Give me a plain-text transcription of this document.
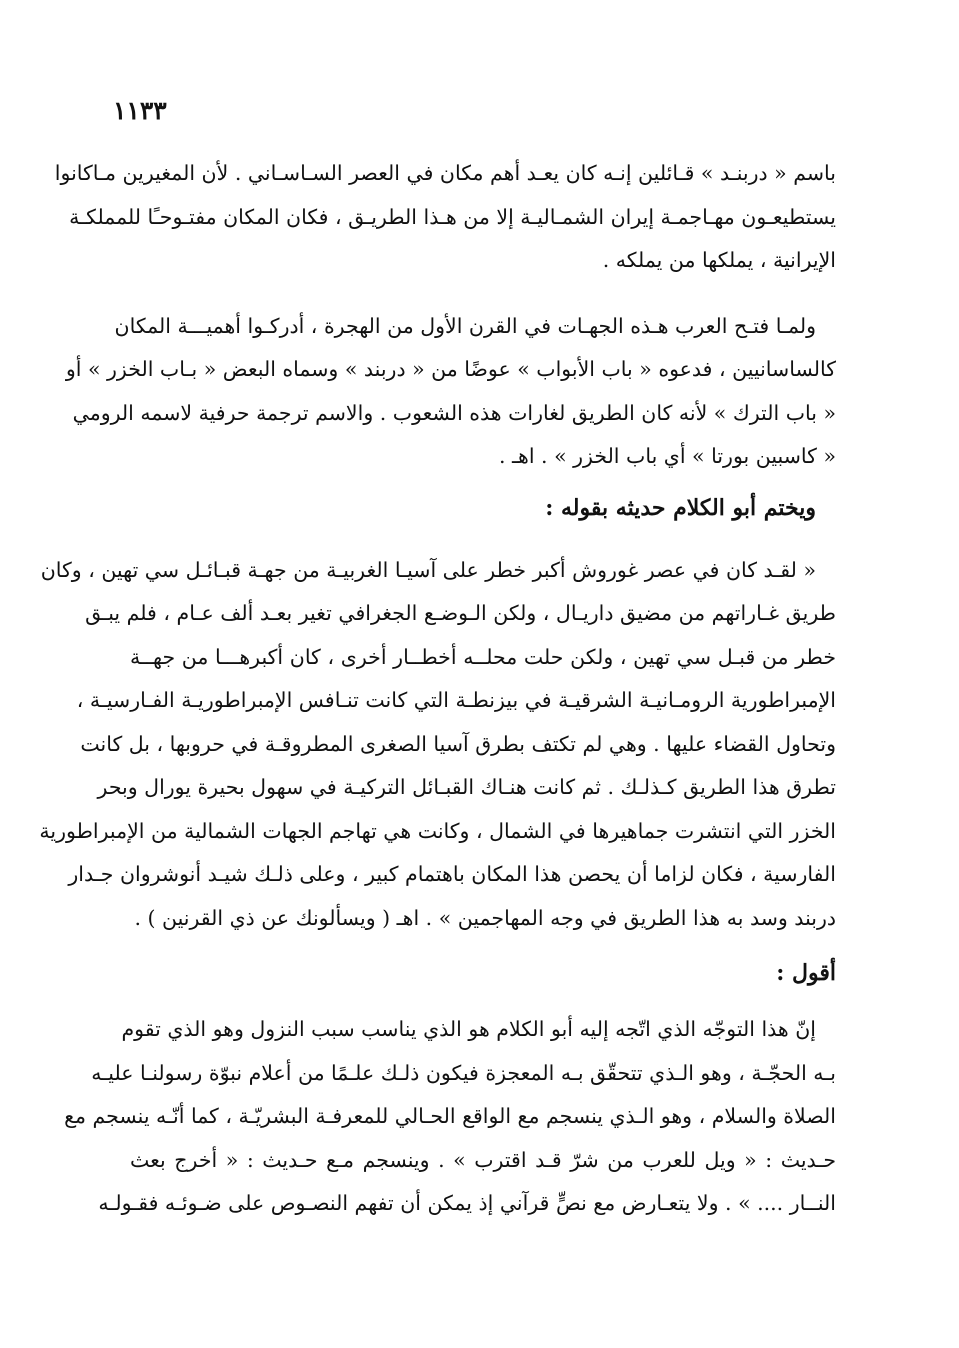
١١٣٣

باسم « دربنـد » قـائلين إنـه كان يعـد أهم مكان في العصر السـاسـاني . لأن المغيرين مـاكانوا
يستطيعـون مهـاجمـة إيران الشمـاليـة إلا من هـذا الطريـق ، فكان المكان مفتـوحـًا للمملكـة
الإيرانية ، يملكها من يملكه .

ولمـا فتـح العرب هـذه الجهـات في القرن الأول من الهجرة ، أدركـوا أهميـــة المكان
كالساسانيين ، فدعوه « باب الأبواب » عوضًا من « دربند » وسماه البعض « بـاب الخزر » أو
« باب الترك » لأنه كان الطريق لغارات هذه الشعوب . والاسم ترجمة حرفية لاسمه الرومي
« كاسبين بورتا » أي باب الخزر » . اهـ .

ويختم أبو الكلام حديثه بقوله :

« لقـد كان في عصر غوروش أكبر خطر على آسيـا الغربيـة من جهـة قبـائـل سي تهين ، وكان
طريق غـاراتهم من مضيق داريـال ، ولكن الـوضـع الجغرافي تغير بعـد ألف عـام ، فلم يبـق
خطر من قبـل سي تهين ، ولكن حلت محلــه أخطــار أخرى ، كان أكبرهـــا من جهــة
الإمبراطورية الرومـانيـة الشرقيـة في بيزنطـة التي كانت تنـافس الإمبراطوريـة الفـارسيـة ،
وتحاول القضاء عليها . وهي لم تكتف بطرق آسيا الصغرى المطروقـة في حروبها ، بل كانت
تطرق هذا الطريق كـذلـك . ثم كانت هنـاك القبـائل التركيـة في سهول بحيرة يورال وبحر
الخزر التي انتشرت جماهيرها في الشمال ، وكانت هي تهاجم الجهات الشمالية من الإمبراطورية
الفارسية ، فكان لزاما أن يحصن هذا المكان باهتمام كبير ، وعلى ذلـك شيـد أنوشروان جـدار
دربند وسد به هذا الطريق في وجه المهاجمين » . اهـ ( ويسألونك عن ذي القرنين ) .

أقول :

إنّ هذا التوجّه الذي اتّجه إليه أبو الكلام هو الذي يناسب سبب النزول وهو الذي تقوم
بـه الحجّـة ، وهو الـذي تتحقّق بـه المعجزة فيكون ذلـك علـمًا من أعلام نبوّة رسولنـا عليـه
الصلاة والسلام ، وهو الـذي ينسجم مع الواقع الحـالي للمعرفـة البشريّـة ، كما أنّـه ينسجم مع
حـديث : « ويل للعرب من شرّ قـد اقترب » . وينسجم مـع حـديث : « أخرج بعث
النــار .... » . ولا يتعـارض مع نصٍّ قرآني إذ يمكن أن تفهم النصـوص على ضـوئـه فقـولـه
